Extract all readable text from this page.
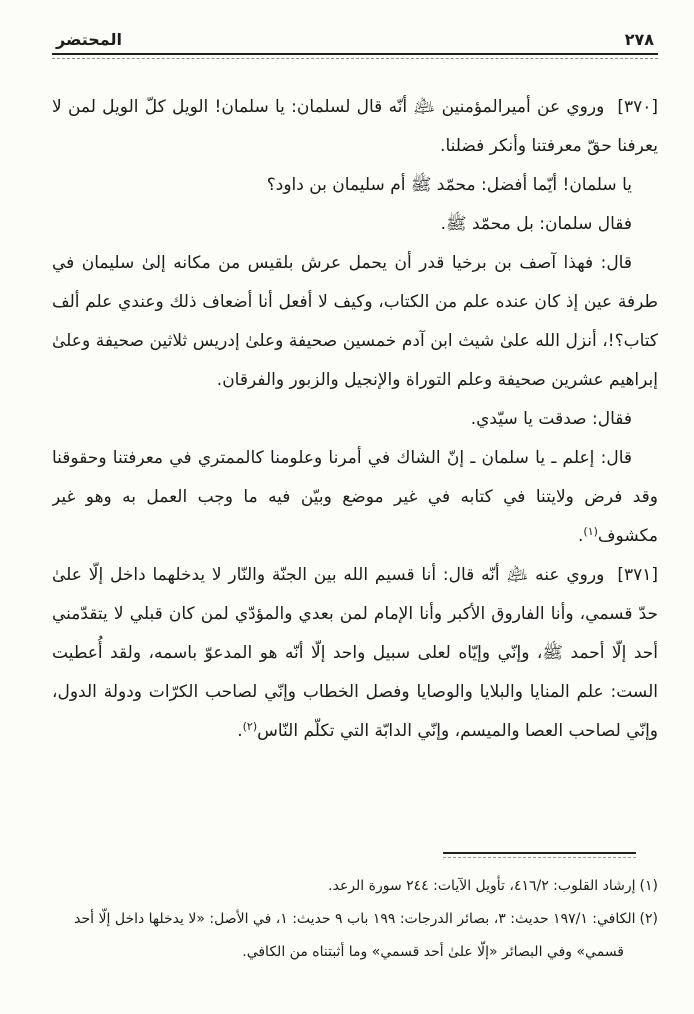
٢٧٨
المحتضر

[٣٧٠]وروي عن أميرالمؤمنين ﵇ أنّه قال لسلمان: يا سلمان! الويل كلّ الويل لمن لا يعرفنا حقّ معرفتنا وأنكر فضلنا.

يا سلمان! أيّما أفضل: محمّد ﷺ أم سليمان بن داود؟

فقال سلمان: بل محمّد ﷺ.

قال: فهذا آصف بن برخيا قدر أن يحمل عرش بلقيس من مكانه إلىٰ سليمان في طرفة عين إذ كان عنده علم من الكتاب، وكيف لا أفعل أنا أضعاف ذلك وعندي علم ألف كتاب؟!، أنزل الله علىٰ شيث ابن آدم خمسين صحيفة وعلىٰ إدريس ثلاثين صحيفة وعلىٰ إبراهيم عشرين صحيفة وعلم التوراة والإنجيل والزبور والفرقان.

فقال: صدقت يا سيّدي.

قال: إعلم ـ يا سلمان ـ إنّ الشاك في أمرنا وعلومنا كالممتري في معرفتنا وحقوقنا وقد فرض ولايتنا في كتابه في غير موضع وبيّن فيه ما وجب العمل به وهو غير مكشوف$^{(١)}$.

[٣٧١]وروي عنه ﵇ أنّه قال: أنا قسيم الله بين الجنّة والنّار لا يدخلهما داخل إلّا علىٰ حدّ قسمي، وأنا الفاروق الأكبر وأنا الإمام لمن بعدي والمؤدّي لمن كان قبلي لا يتقدّمني أحد إلّا أحمد ﷺ، وإنّي وإيّاه لعلى سبيل واحد إلّا أنّه هو المدعوّ باسمه، ولقد أُعطيت الست: علم المنايا والبلايا والوصايا وفصل الخطاب وإنّي لصاحب الكرّات ودولة الدول، وإنّي لصاحب العصا والميسم، وإنّي الدابّة التي تكلّم النّاس$^{(٢)}$.

(١)إرشاد القلوب: ٤١٦/٢، تأويل الآيات: ٢٤٤ سورة الرعد.

(٢)الكافي: ١٩٧/١ حديث: ٣، بصائر الدرجات: ١٩٩ باب ٩ حديث: ١، في الأصل: «لا يدخلها داخل إلّا أحد قسمي» وفي البصائر «إلّا علىٰ أحد قسمي» وما أثبتناه من الكافي.
